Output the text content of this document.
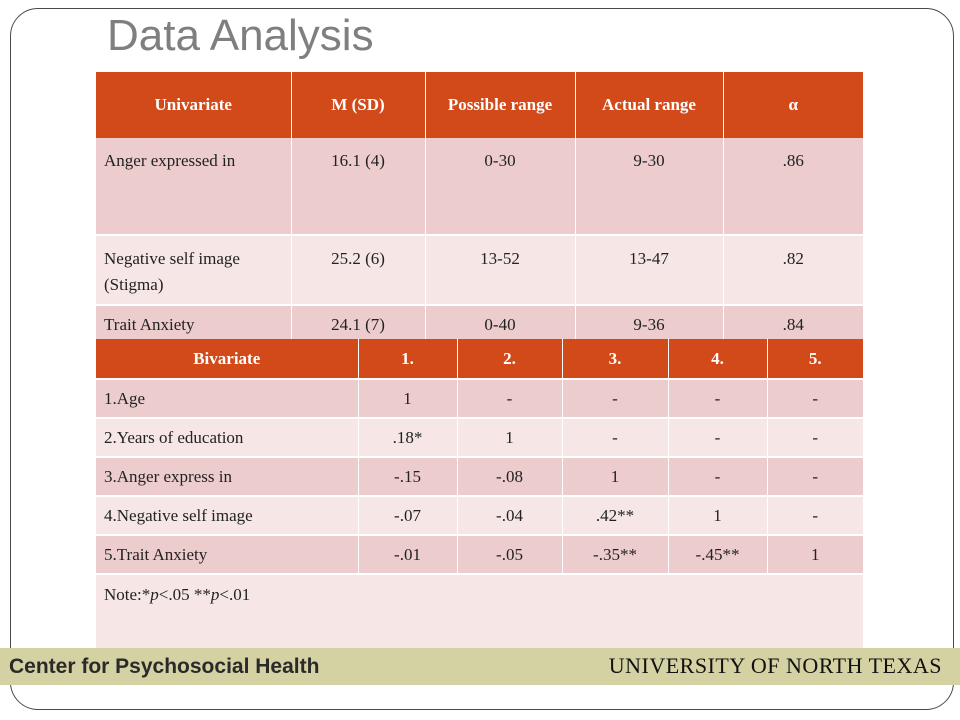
Data Analysis
Univariate	M (SD)	Possible range	Actual range	α
Anger expressed in	16.1 (4)	0-30	9-30	.86
Negative self image (Stigma)	25.2 (6)	13-52	13-47	.82
Trait Anxiety	24.1 (7)	0-40	9-36	.84
Bivariate	1.	2.	3.	4.	5.
1.Age	1	-	-	-	-
2.Years of education	.18*	1	-	-	-
3.Anger express in	-.15	-.08	1	-	-
4.Negative self image	-.07	-.04	.42**	1	-
5.Trait Anxiety	-.01	-.05	-.35**	-.45**	1
Note:*p<.05 **p<.01					
Center for Psychosocial Health	UNIVERSITY OF NORTH TEXAS
